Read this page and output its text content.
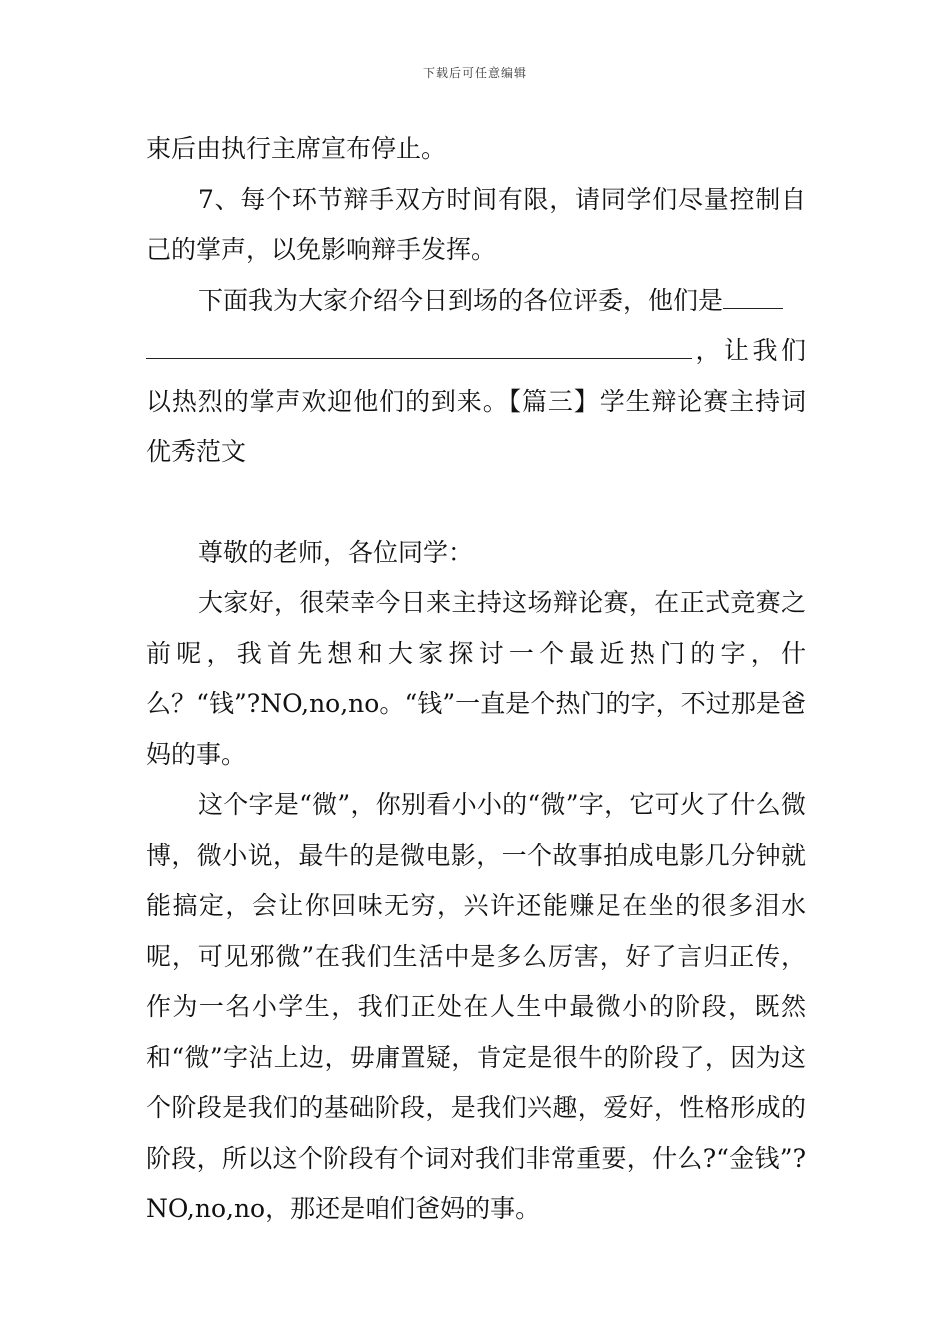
下载后可任意编辑

束后由执行主席宣布停止。

7、每个环节辩手双方时间有限，请同学们尽量控制自己的掌声，以免影响辩手发挥。

下面我为大家介绍今日到场的各位评委，他们是
，让我们以热烈的掌声欢迎他们的到来。【篇三】学生辩论赛主持词优秀范文

尊敬的老师，各位同学：

大家好，很荣幸今日来主持这场辩论赛，在正式竞赛之前呢，我首先想和大家探讨一个最近热门的字，什么？“钱”?NO,no,no。“钱”一直是个热门的字，不过那是爸妈的事。

这个字是“微”，你别看小小的“微”字，它可火了什么微博，微小说，最牛的是微电影，一个故事拍成电影几分钟就能搞定，会让你回味无穷，兴许还能赚足在坐的很多泪水呢，可见邪微”在我们生活中是多么厉害，好了言归正传，作为一名小学生，我们正处在人生中最微小的阶段，既然和“微”字沾上边，毋庸置疑，肯定是很牛的阶段了，因为这个阶段是我们的基础阶段，是我们兴趣，爱好，性格形成的阶段，所以这个阶段有个词对我们非常重要，什么?“金钱”?NO,no,no，那还是咱们爸妈的事。
